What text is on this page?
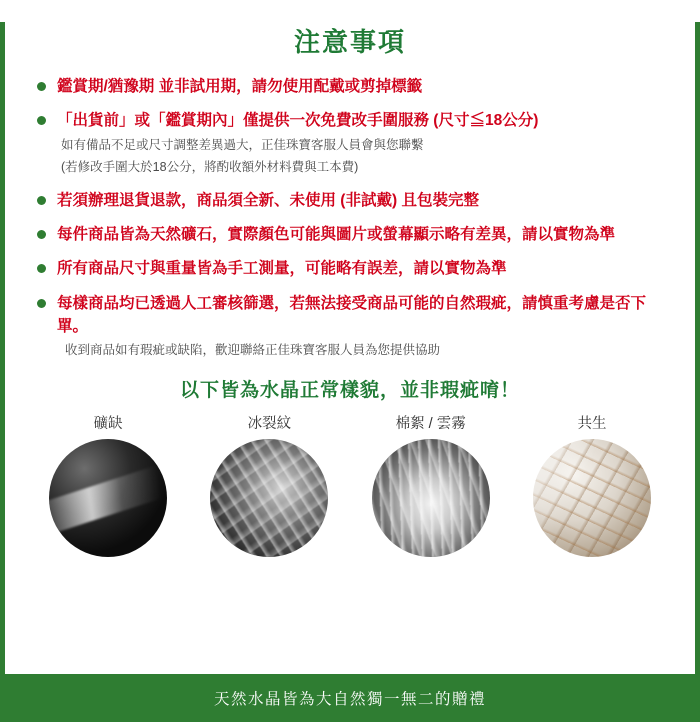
注意事項
鑑賞期/猶豫期 並非試用期，請勿使用配戴或剪掉標籤
「出貨前」或「鑑賞期內」僅提供一次免費改手圍服務 (尺寸≦18公分)
如有備品不足或尺寸調整差異過大，正佳珠寶客服人員會與您聯繫
(若修改手圍大於18公分，將酌收額外材料費與工本費)
若須辦理退貨退款，商品須全新、未使用 (非試戴) 且包裝完整
每件商品皆為天然礦石，實際顏色可能與圖片或螢幕顯示略有差異，請以實物為準
所有商品尺寸與重量皆為手工測量，可能略有誤差，請以實物為準
每樣商品均已透過人工審核篩選，若無法接受商品可能的自然瑕疵，請慎重考慮是否下單。
收到商品如有瑕疵或缺陷，歡迎聯絡正佳珠寶客服人員為您提供協助
以下皆為水晶正常樣貌，並非瑕疵唷！
礦缺	冰裂紋	棉絮 / 雲霧	共生
天然水晶皆為大自然獨一無二的贈禮
